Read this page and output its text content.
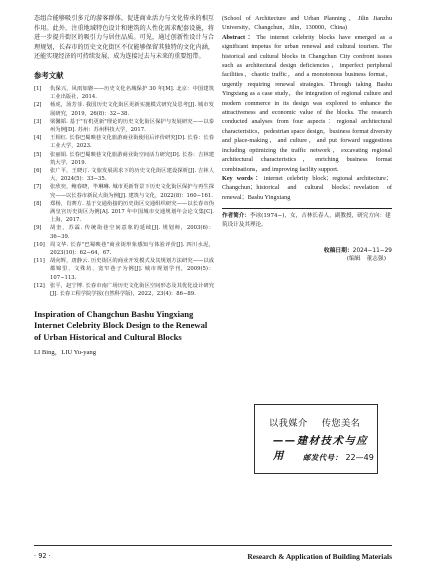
态组合能够吸引多元的游客群体，促进商业活力与文化传承的相互作用。此外，注重地域特色设计和建筑的人性化需求配套设施，将进一步提升街区的吸引力与居住品质。可见，通过创新性设计与合理规划，长春市的历史文化街区不仅能够保留其独特的文化内涵，还能实现经济的可持续发展，成为连接过去与未来的重要纽带。

参考文献
[1]	仇保兴，风雨如磐——历史文化名城保护 30 年[M]. 北京：中国建筑工业出版社，2014.
[2]	杨虎，汤芳菲. 我国历史文化街区更新实施模式研究及思考[J]. 城市发展研究，2019，26(8)：32−38.
[3]	梁馨韬. 基于"有机更新"理论的历史文化街区保护与发展研究——以泰州为例[D]. 苏州：苏州科技大学，2017.
[4]	王相红. 长春巴蜀映巷文化旅游商业街使用后评价研究[D]. 长春：长春工业大学，2023.
[5]	张丽娟. 长春巴蜀映巷文化旅游商业街空间活力研究[D]. 长春：吉林建筑大学，2019.
[6]	张广平，王晓订. 文旅发展需求下的历史文化街区建设探析[J]. 吉林人大，2024(5)：33−35.
[7]	张欣奕，鲍春晓，毕琳琳. 城市更新背景下历史文化街区保护与再生探究——以长春市新民大街为例[J]. 建筑与文化，2022(8)：160−161.
[8]	郑杨，肖赛方. 基于交通衔接的历史街区交通组织研究——以长春市伪满皇宫历史街区为例[A]. 2017 年中国城市交通规划年会论文集[C]. 上海，2017.
[9]	胡奎，苏霖. 传统街巷空间意象的延续[J]. 规划师，2003(6)：36−39.
[10] 周文华. 长春"巴蜀映巷"商业街形象感知与体验评价[J]. 四川水泥，2023(10)：62−64，67.
[11] 胡向辉，唐静云. 历史街区的商业开发模式及其规划方法研究——以成都锦里、文殊坊、宽窄巷子为例[J]. 城市规划学刊，2009(5)：107−113.
[12] 张平，赵宁博. 长春市南广场历史文化街区空间形态及其优化设计研究[J]. 长春工程学院学报(自然科学版)，2022，23(4)：86−89.
Inspiration of Changchun Bashu Yingxiang Internet Celebrity Block Design to the Renewal of Urban Historical and Cultural Blocks

LI Bing，LIU Yu-yang

(School of Architecture and Urban Planning，Jilin Jianzhu University，Changchun，Jilin，130000，China)

Abstract：The internet celebrity blocks have emerged as a significant impetus for urban renewal and cultural tourism. The historical and cultural blocks in Changchun City confront issues such as architectural design deficiencies，imperfect peripheral facilities，chaotic traffic，and a monotonous business format，urgently requiring renewal strategies. Through taking Bashu Yingxiang as a case study，the integration of regional culture and modern commerce in its design was explored to enhance the attractiveness and economic value of the blocks. The research conducted analyses from four aspects：regional architectural characteristics，pedestrian space design，business format diversity and place-making，and culture，and put forward suggestions including optimizing the traffic network，excavating regional architectural characteristics，enriching business format combinations，and improving facility support.

Key words：internet celebrity block；regional architecture；Changchun；historical and cultural blocks；revelation of renewal；Bashu Yingxiang

作者简介：李冰(1974−)，女，吉林长春人，副教授，研究方向：建筑设计及其理论。

收稿日期：2024−11−29

(编辑　董志强)

以我媒介 传您美名
——建材技术与应用	邮发代号： 22—49
· 92 ·	Research & Application of Building Materials
